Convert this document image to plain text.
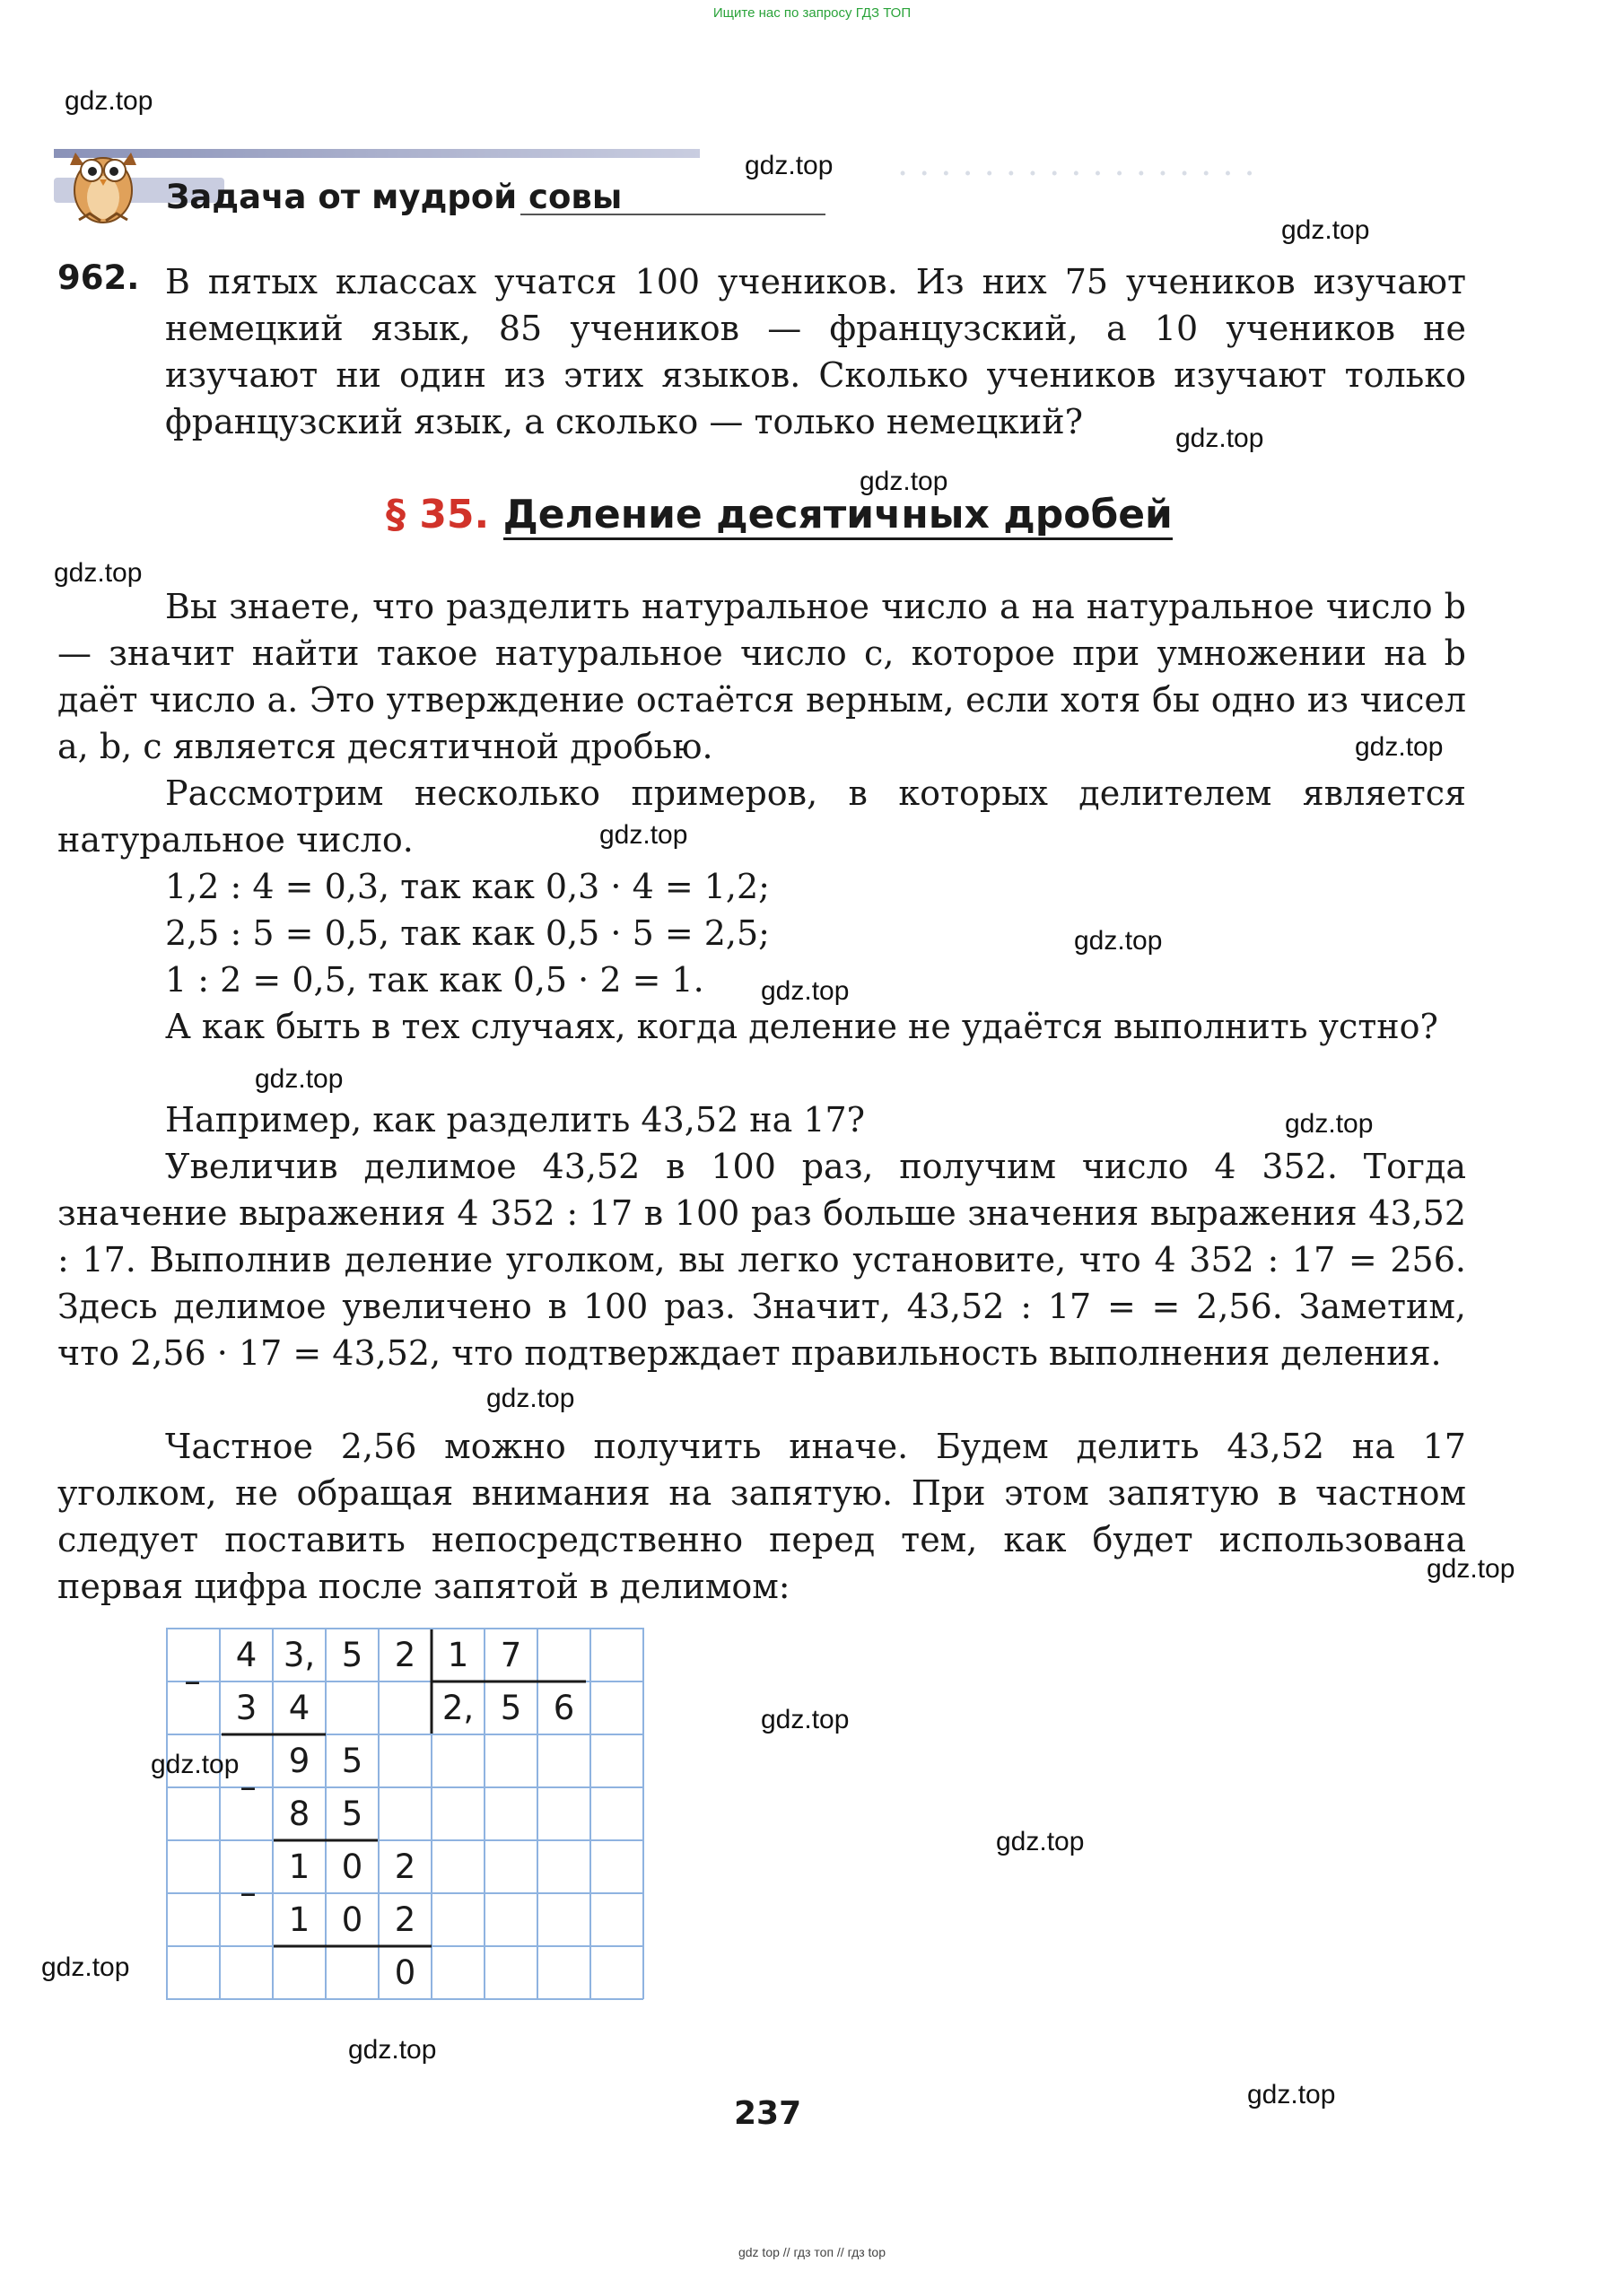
. . . . . . . . . . . . . . . . .
Ищите нас по запросу ГДЗ ТОП
Задача от мудрой совы
962. В пятых классах учатся 100 учеников. Из них 75 учеников изучают немецкий язык, 85 учеников — французский, а 10 учеников не изучают ни один из этих языков. Сколько учеников изучают только французский язык, а сколько — только немецкий?
§ 35. Деление десятичных дробей
Вы знаете, что разделить натуральное число a на натуральное число b — значит найти такое натуральное число c, которое при умножении на b даёт число a. Это утверждение остаётся верным, если хотя бы одно из чисел a, b, c является десятичной дробью.
Рассмотрим несколько примеров, в которых делителем является натуральное число.
1,2 : 4 = 0,3, так как 0,3 · 4 = 1,2;
2,5 : 5 = 0,5, так как 0,5 · 5 = 2,5;
1 : 2 = 0,5, так как 0,5 · 2 = 1.
А как быть в тех случаях, когда деление не удаётся выполнить устно?
Например, как разделить 43,52 на 17?
Увеличив делимое 43,52 в 100 раз, получим число 4 352. Тогда значение выражения 4 352 : 17 в 100 раз больше значения выражения 43,52 : 17. Выполнив деление уголком, вы легко установите, что 4 352 : 17 = 256. Здесь делимое увеличено в 100 раз. Значит, 43,52 : 17 = = 2,56. Заметим, что 2,56 · 17 = 43,52, что подтверждает правильность выполнения деления.
Частное 2,56 можно получить иначе. Будем делить 43,52 на 17 уголком, не обращая внимания на запятую. При этом запятую в частном следует поставить непосредственно перед тем, как будет использована первая цифра после запятой в делимом:
–
–
–
4 3, 5 2 1 7
3 4	2, 5 6
9 5
8 5
1 0 2
1 0 2
0
237
gdz.top
gdz.top
gdz.top
gdz.top
gdz.top
gdz.top
gdz.top
gdz.top
gdz.top
gdz.top
gdz.top
gdz.top
gdz.top
gdz.top
gdz.top
gdz.top
gdz.top
gdz.top
gdz.top
gdz.top
gdz top // гдз топ // гдз top
